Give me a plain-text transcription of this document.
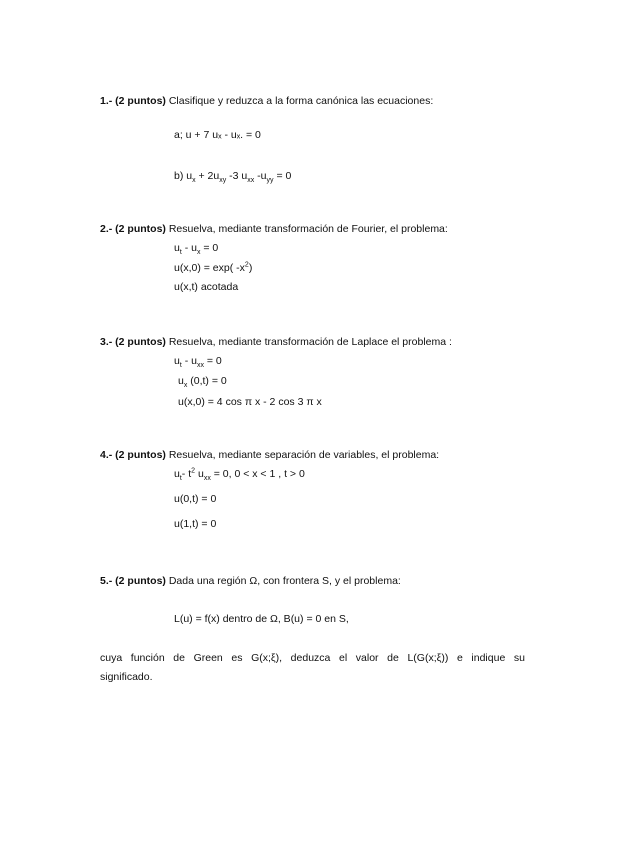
1.- (2 puntos) Clasifique y reduzca a la forma canónica las ecuaciones:
a; u + 7 uₓ - uₓ. = 0
b) $u_x + 2u_{xy}$ -3 $u_{xx}$ $-u_{yy} = 0$
2.- (2 puntos) Resuelva, mediante transformación de Fourier, el problema:
$u_t - u_x = 0$
u(x,0) = exp( $-x^2$)
u(x,t) acotada
3.- (2 puntos) Resuelva, mediante transformación de Laplace el problema :
$u_t - u_{xx} = 0$
$u_x$ (0,t) = 0
u(x,0) = 4 cos π x - 2 cos 3 π x
4.- (2 puntos) Resuelva, mediante separación de variables, el problema:
$u_t-$ $t^2$ $u_{xx} = 0$, 0 < x < 1 , t > 0
u(0,t) = 0
u(1,t) = 0
5.- (2 puntos) Dada una región Ω, con frontera S, y el problema:
L(u) = f(x) dentro de Ω, B(u) = 0 en S,
cuya función de Green es G(x;ξ), deduzca el valor de L(G(x;ξ)) e indique su
significado.
